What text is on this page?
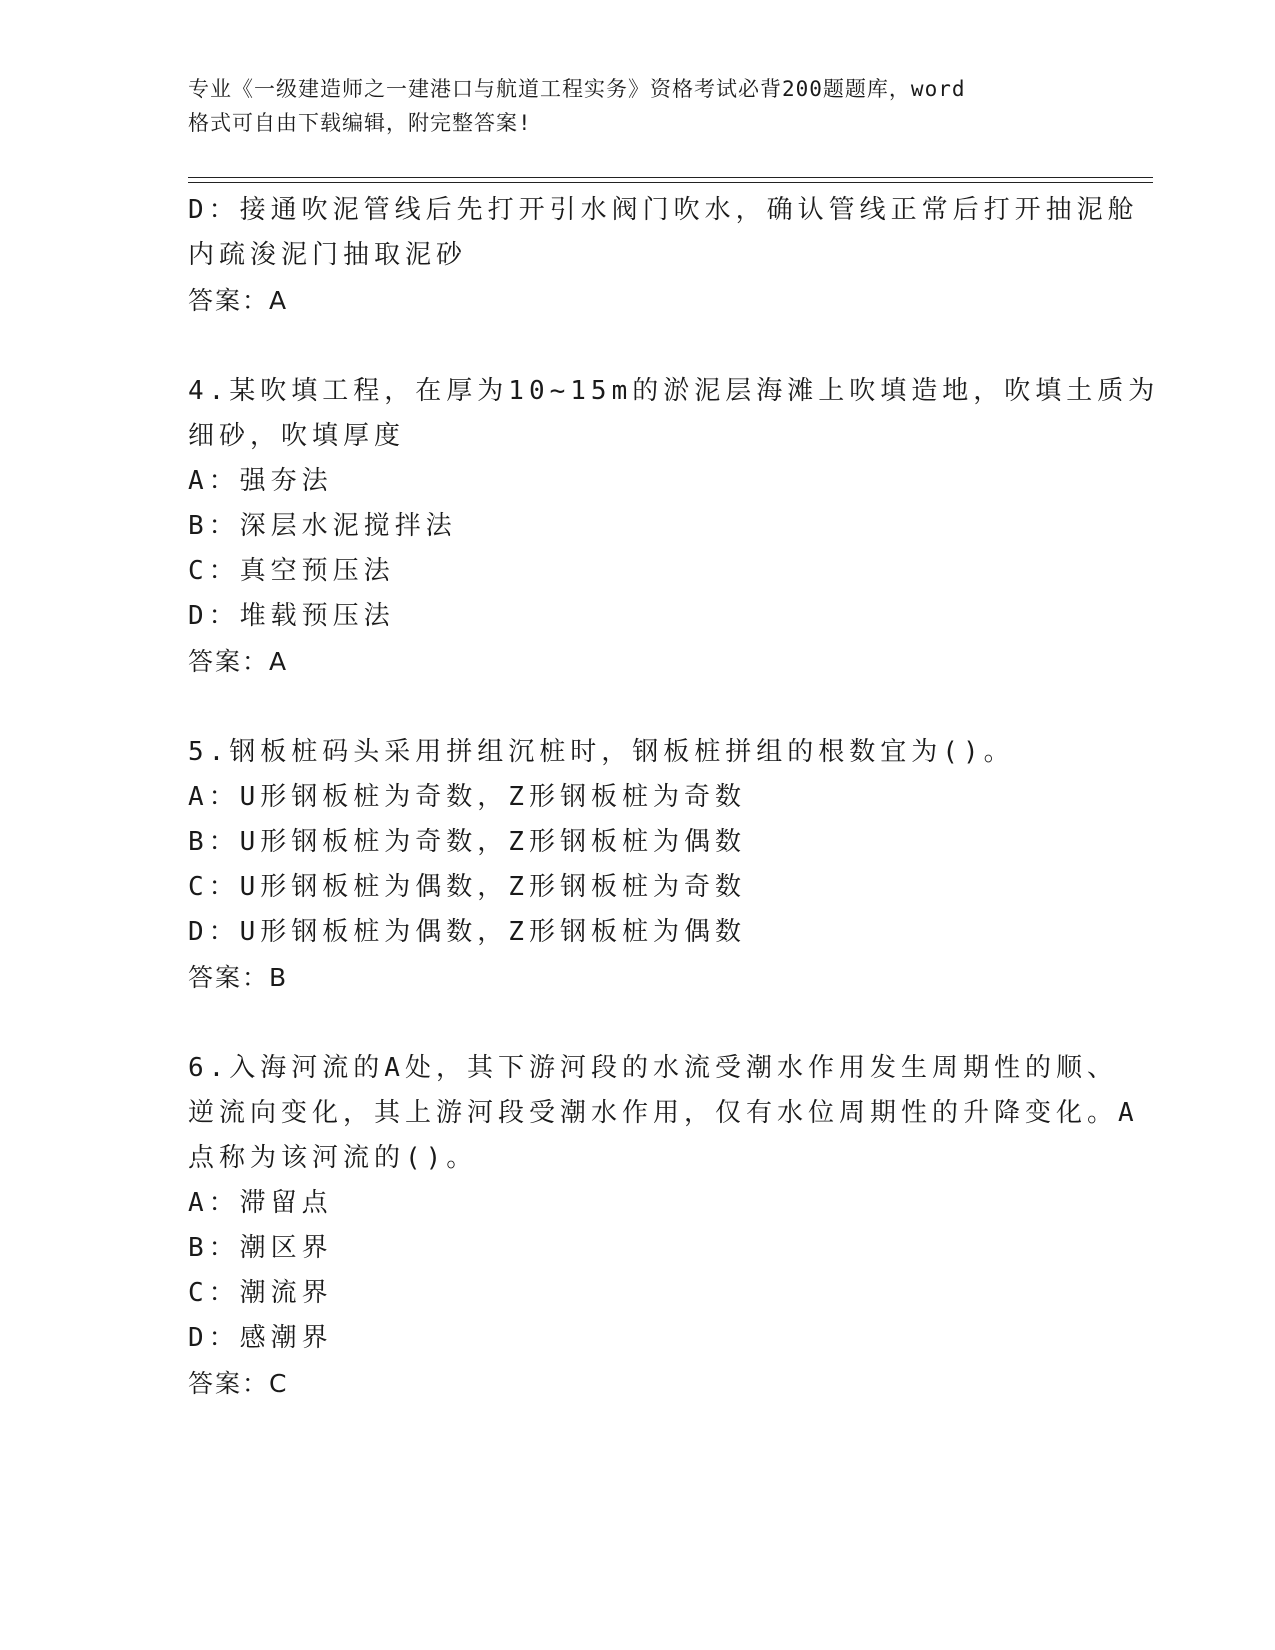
专业《一级建造师之一建港口与航道工程实务》资格考试必背200题题库，word
格式可自由下载编辑，附完整答案!
D：接通吹泥管线后先打开引水阀门吹水，确认管线正常后打开抽泥舱
内疏浚泥门抽取泥砂
答案：A
4.某吹填工程，在厚为10~15m的淤泥层海滩上吹填造地，吹填土质为
细砂，吹填厚度
A：强夯法
B：深层水泥搅拌法
C：真空预压法
D：堆载预压法
答案：A
5.钢板桩码头采用拼组沉桩时，钢板桩拼组的根数宜为()。
A：U形钢板桩为奇数，Z形钢板桩为奇数
B：U形钢板桩为奇数，Z形钢板桩为偶数
C：U形钢板桩为偶数，Z形钢板桩为奇数
D：U形钢板桩为偶数，Z形钢板桩为偶数
答案：B
6.入海河流的A处，其下游河段的水流受潮水作用发生周期性的顺、
逆流向变化，其上游河段受潮水作用，仅有水位周期性的升降变化。A
点称为该河流的()。
A：滞留点
B：潮区界
C：潮流界
D：感潮界
答案：C
